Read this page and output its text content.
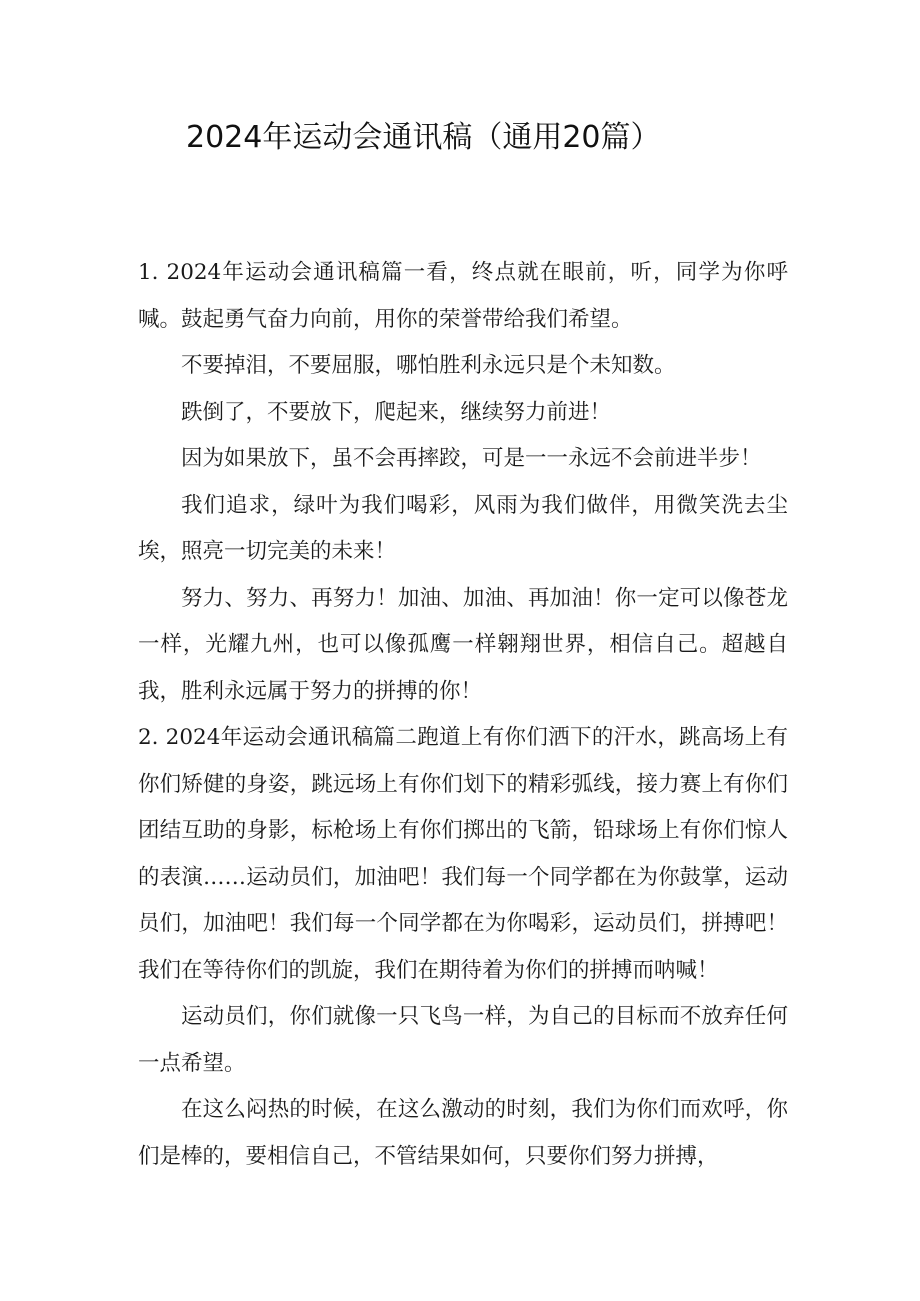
2024年运动会通讯稿（通用20篇）

1. 2024年运动会通讯稿篇一看，终点就在眼前，听，同学为你呼喊。鼓起勇气奋力向前，用你的荣誉带给我们希望。

不要掉泪，不要屈服，哪怕胜利永远只是个未知数。

跌倒了，不要放下，爬起来，继续努力前进！

因为如果放下，虽不会再摔跤，可是一一永远不会前进半步！

我们追求，绿叶为我们喝彩，风雨为我们做伴，用微笑洗去尘埃，照亮一切完美的未来！

努力、努力、再努力！加油、加油、再加油！你一定可以像苍龙一样，光耀九州，也可以像孤鹰一样翱翔世界，相信自己。超越自我，胜利永远属于努力的拼搏的你！

2. 2024年运动会通讯稿篇二跑道上有你们洒下的汗水，跳高场上有你们矫健的身姿，跳远场上有你们划下的精彩弧线，接力赛上有你们团结互助的身影，标枪场上有你们掷出的飞箭，铅球场上有你们惊人的表演……运动员们，加油吧！我们每一个同学都在为你鼓掌，运动员们，加油吧！我们每一个同学都在为你喝彩，运动员们，拼搏吧！我们在等待你们的凯旋，我们在期待着为你们的拼搏而呐喊！

运动员们，你们就像一只飞鸟一样，为自己的目标而不放弃任何一点希望。

在这么闷热的时候，在这么激动的时刻，我们为你们而欢呼，你们是棒的，要相信自己，不管结果如何，只要你们努力拼搏，
